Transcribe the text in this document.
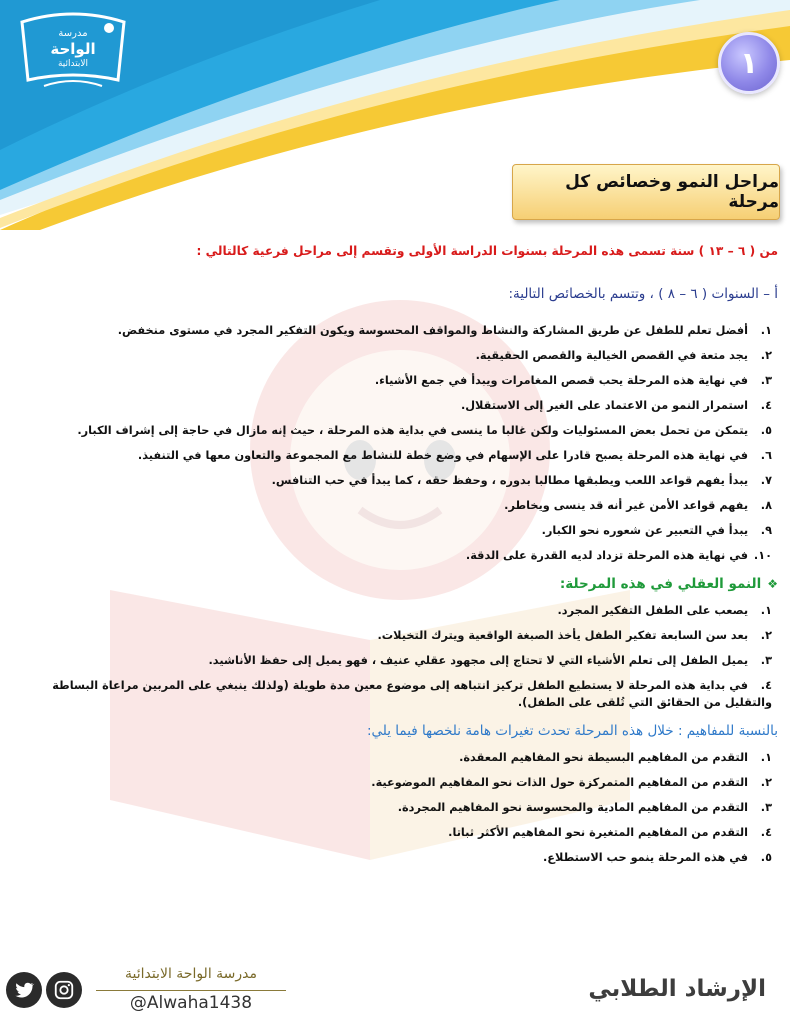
مدرسة
الواحة
الابتدائية	١
مراحل النمو وخصائص كل مرحلة

من ( ٦ – ١٣ ) سنة تسمى هذه المرحلة بسنوات الدراسة الأولى وتقسم إلى مراحل فرعية كالتالي :

أ – السنوات ( ٦ – ٨ ) ، وتتسم بالخصائص التالية:

١. أفضل تعلم للطفل عن طريق المشاركة والنشاط والمواقف المحسوسة ويكون التفكير المجرد في مستوى منخفض.
٢. يجد متعة في القصص الخيالية والقصص الحقيقية.
٣. في نهاية هذه المرحلة يحب قصص المغامرات ويبدأ في جمع الأشياء.
٤. استمرار النمو من الاعتماد على الغير إلى الاستقلال.
٥. يتمكن من تحمل بعض المسئوليات ولكن غالبا ما ينسى في بداية هذه المرحلة ، حيث إنه مازال في حاجة إلى إشراف الكبار.
٦. في نهاية هذه المرحلة يصبح قادرا على الإسهام في وضع خطة للنشاط مع المجموعة والتعاون معها في التنفيذ.
٧. يبدأ يفهم قواعد اللعب ويطبقها مطالبا بدوره ، وحفظ حقه ، كما يبدأ في حب التنافس.
٨. يفهم قواعد الأمن غير أنه قد ينسى ويخاطر.
٩. يبدأ في التعبير عن شعوره نحو الكبار.
١٠. في نهاية هذه المرحلة تزداد لديه القدرة على الدقة.

❖النمو العقلي في هذه المرحلة:

١. يصعب على الطفل التفكير المجرد.
٢. بعد سن السابعة تفكير الطفل يأخذ الصبغة الواقعية ويترك التخيلات.
٣. يميل الطفل إلى تعلم الأشياء التي لا تحتاج إلى مجهود عقلي عنيف ، فهو يميل إلى حفظ الأناشيد.
٤. في بداية هذه المرحلة لا يستطيع الطفل تركيز انتباهه إلى موضوع معين مدة طويلة (ولذلك ينبغي على المربين مراعاة البساطة والتقليل من الحقائق التي تُلقى على الطفل).

بالنسبة للمفاهيم : خلال هذه المرحلة تحدث تغيرات هامة نلخصها فيما يلي:

١. التقدم من المفاهيم البسيطة نحو المفاهيم المعقدة.
٢. التقدم من المفاهيم المتمركزة حول الذات نحو المفاهيم الموضوعية.
٣. التقدم من المفاهيم المادية والمحسوسة نحو المفاهيم المجردة.
٤. التقدم من المفاهيم المتغيرة نحو المفاهيم الأكثر ثباتا.
٥. في هذه المرحلة ينمو حب الاستطلاع.
الإرشاد الطلابي
مدرسة الواحة الابتدائية
@Alwaha1438
